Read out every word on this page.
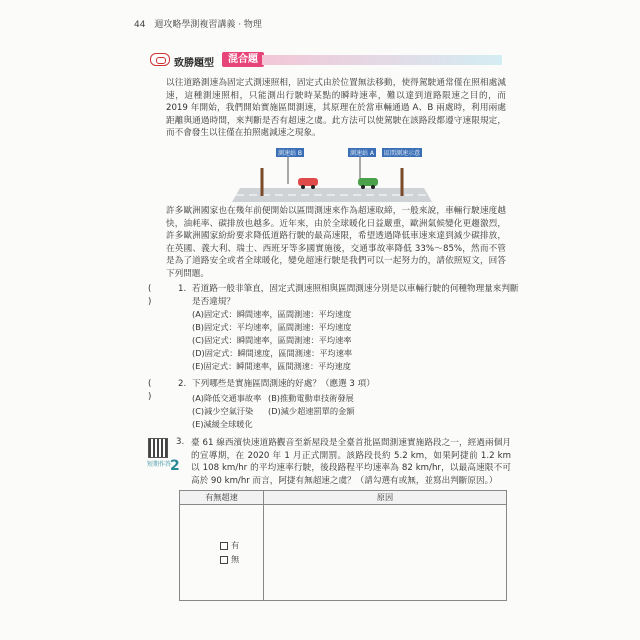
44 週攻略學測複習講義 · 物理
致勝題型	混合題

以往道路測速為固定式測速照相，固定式由於位置無法移動，使得駕駛通常僅在照相處減速，這種測速照相，只能測出行駛時某點的瞬時速率，難以達到道路限速之目的，而 2019 年開始，我們開始實施區間測速，其原理在於當車輛通過 A、B 兩處時，利用兩處距離與通過時間，來判斷是否有超速之虞。此方法可以使駕駛在該路段都遵守速限規定，而不會發生以往僅在拍照處減速之現象。

測速站 B	測速站 A	區間測速示意

許多歐洲國家也在幾年前便開始以區間測速來作為超速取締，一般來說，車輛行駛速度越快，油耗率、碳排放也越多。近年來，由於全球暖化日益嚴重，歐洲氣候變化更趨激烈，許多歐洲國家紛紛要求降低道路行駛的最高速限，希望透過降低車速來達到減少碳排放，在英國、義大利、瑞士、西班牙等多國實施後，交通事故率降低 33%～85%，然而不管是為了道路安全或者全球暖化，變免超速行駛是我們可以一起努力的，請依照短文，回答下列問題。

( )
1. 若道路一般非筆直，固定式測速照相與區間測速分別是以車輛行駛的何種物理量來判斷是否違規？
(A)固定式：瞬間速率，區間測速：平均速度
(B)固定式：平均速率，區間測速：平均速度
(C)固定式：瞬間速率，區間測速：平均速率
(D)固定式：瞬間速度，區間測速：平均速率
(E)固定式：瞬間速率，區間測速：平均速度
( )
2. 下列哪些是實施區間測速的好處？（應選 3 項）
(A)降低交通事故率 (B)推動電動車技術發展
(C)減少空氣汙染 (D)減少超速罰單的金額
(E)減緩全球暖化
短期作答
2
3. 臺 61 線西濱快速道路觀音至新屋段是全臺首批區間測速實施路段之一，經過兩個月的宣導期，在 2020 年 1 月正式開罰。該路段長約 5.2 km，如果阿捷前 1.2 km 以 108 km/hr 的平均速率行駛，後段路程平均速率為 82 km/hr，以最高速限不可高於 90 km/hr 而言，阿捷有無超速之虞？（請勾選有或無，並寫出判斷原因。）

有無超速	原因

有
無	
